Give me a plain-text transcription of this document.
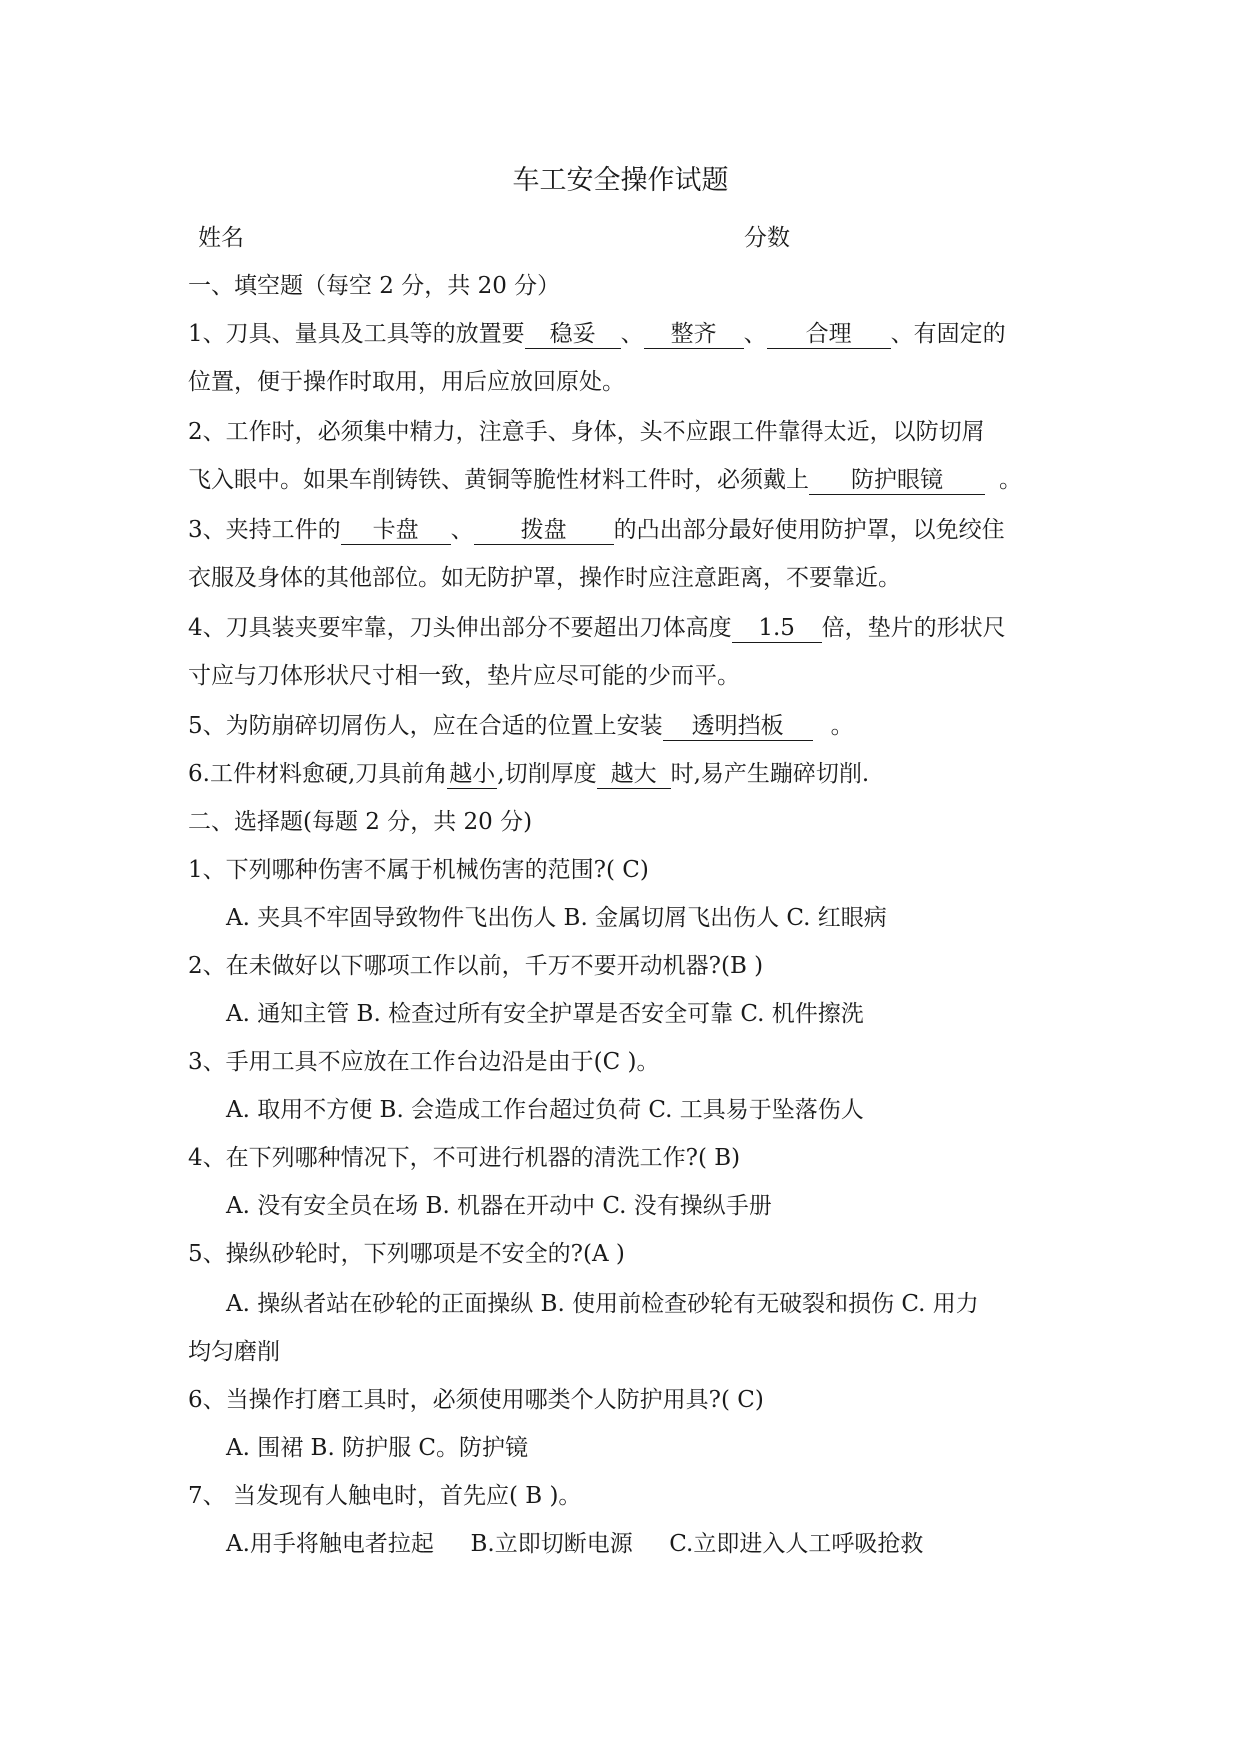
车工安全操作试题
姓名	分数
一、填空题（每空 2 分，共 20 分）
1、刀具、量具及工具等的放置要 稳妥 、 整齐 、 合理 、有固定的
位置，便于操作时取用，用后应放回原处。
2、工作时，必须集中精力，注意手、身体，头不应跟工件靠得太近，以防切屑
飞入眼中。如果车削铸铁、黄铜等脆性材料工件时，必须戴上 防护眼镜 。
3、夹持工件的 卡盘 、 拨盘 的凸出部分最好使用防护罩，以免绞住
衣服及身体的其他部位。如无防护罩，操作时应注意距离，不要靠近。
4、刀具装夹要牢靠，刀头伸出部分不要超出刀体高度 1.5 倍，垫片的形状尺
寸应与刀体形状尺寸相一致，垫片应尽可能的少而平。
5、为防崩碎切屑伤人，应在合适的位置上安装 透明挡板 。
6.工件材料愈硬,刀具前角越小,切削厚度 越大 时,易产生蹦碎切削.
二、选择题(每题 2 分，共 20 分)
1、下列哪种伤害不属于机械伤害的范围?( C)
A. 夹具不牢固导致物件飞出伤人 B. 金属切屑飞出伤人 C. 红眼病
2、在未做好以下哪项工作以前，千万不要开动机器?(B )
A. 通知主管 B. 检查过所有安全护罩是否安全可靠 C. 机件擦洗
3、手用工具不应放在工作台边沿是由于(C )。
A. 取用不方便 B. 会造成工作台超过负荷 C. 工具易于坠落伤人
4、在下列哪种情况下，不可进行机器的清洗工作?( B)
A. 没有安全员在场 B. 机器在开动中 C. 没有操纵手册
5、操纵砂轮时，下列哪项是不安全的?(A )
A. 操纵者站在砂轮的正面操纵 B. 使用前检查砂轮有无破裂和损伤 C. 用力
均匀磨削
6、当操作打磨工具时，必须使用哪类个人防护用具?( C)
A. 围裙 B. 防护服 C。防护镜
7、 当发现有人触电时，首先应( B )。
A.用手将触电者拉起     B.立即切断电源     C.立即进入人工呼吸抢救
